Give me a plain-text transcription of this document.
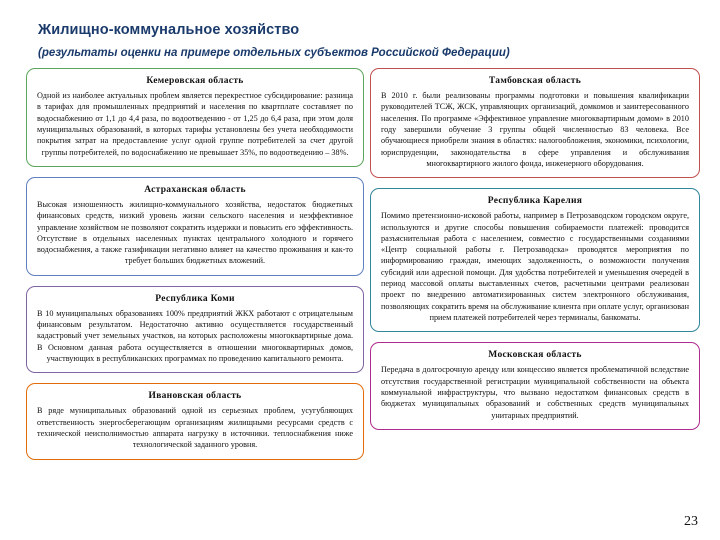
Жилищно-коммунальное хозяйство
(результаты оценки на примере отдельных субъектов Российской Федерации)
Кемеровская область
Одной из наиболее актуальных проблем является перекрестное субсидирование: разница в тарифах для промышленных предприятий и населения по квартплате составляет по водоснабжению от 1,1 до 4,4 раза, по водоотведению - от 1,25 до 6,4 раза, при этом доля муниципальных образований, в которых тарифы установлены без учета необходимости покрытия затрат на предоставление услуг одной группе потребителей за счет другой группы потребителей, по водоснабжению не превышает 35%, по водоотведению – 38%.
Астраханская область
Высокая изношенность жилищно-коммунального хозяйства, недостаток бюджетных финансовых средств, низкий уровень жизни сельского населения и неэффективное управление хозяйством не позволяют сократить издержки и повысить его эффективность. Отсутствие в отдельных населенных пунктах центрального холодного и горячего водоснабжения, а также газификации негативно влияет на качество проживания и как-то требует больших бюджетных вложений.
Республика Коми
В 10 муниципальных образованиях 100% предприятий ЖКХ работают с отрицательным финансовым результатом. Недостаточно активно осуществляется государственный кадастровый учет земельных участков, на которых расположены многоквартирные дома. В Основном данная работа осуществляется в отношении многоквартирных домов, участвующих в республиканских программах по проведению капитального ремонта.
Ивановская область
В ряде муниципальных образований одной из серьезных проблем, усугубляющих ответственность энергосберегающим организациям жилищными ресурсами средств с технической неисполнимостью аппарата нагрузку в источники. теплоснабжения ниже технологической заданного уровня.
Тамбовская область
В 2010 г. были реализованы программы подготовки и повышения квалификации руководителей ТСЖ, ЖСК, управляющих организаций, домкомов и заинтересованного населения. По программе «Эффективное управление многоквартирным домом» в 2010 году завершили обучение 3 группы общей численностью 83 человека. Все обучающиеся приобрели знания в областях: налогообложения, экономики, психологии, юриспруденции, законодательства в сфере управления и обслуживания многоквартирного жилого фонда, инженерного оборудования.
Республика Карелия
Помимо претензионно-исковой работы, например в Петрозаводском городском округе, используются и другие способы повышения собираемости платежей: проводится разъяснительная работа с населением, совместно с государственными созданиями «Центр социальной работы г. Петрозаводска» проводятся мероприятия по информированию граждан, имеющих задолженность, о возможности получения субсидий или адресной помощи. Для удобства потребителей и уменьшения очередей в период массовой оплаты выставленных счетов, расчетными центрами реализован проект по внедрению автоматизированных систем электронного обслуживания, позволяющих сократить время на обслуживание клиента при оплате услуг, организован прием платежей потребителей через терминалы, банкоматы.
Московская область
Передача в долгосрочную аренду или концессию является проблематичной вследствие отсутствия государственной регистрации муниципальной собственности на объекта коммунальной инфраструктуры, что вызвано недостатком финансовых средств в бюджетах муниципальных образований и собственных средств муниципальных унитарных предприятий.
23
